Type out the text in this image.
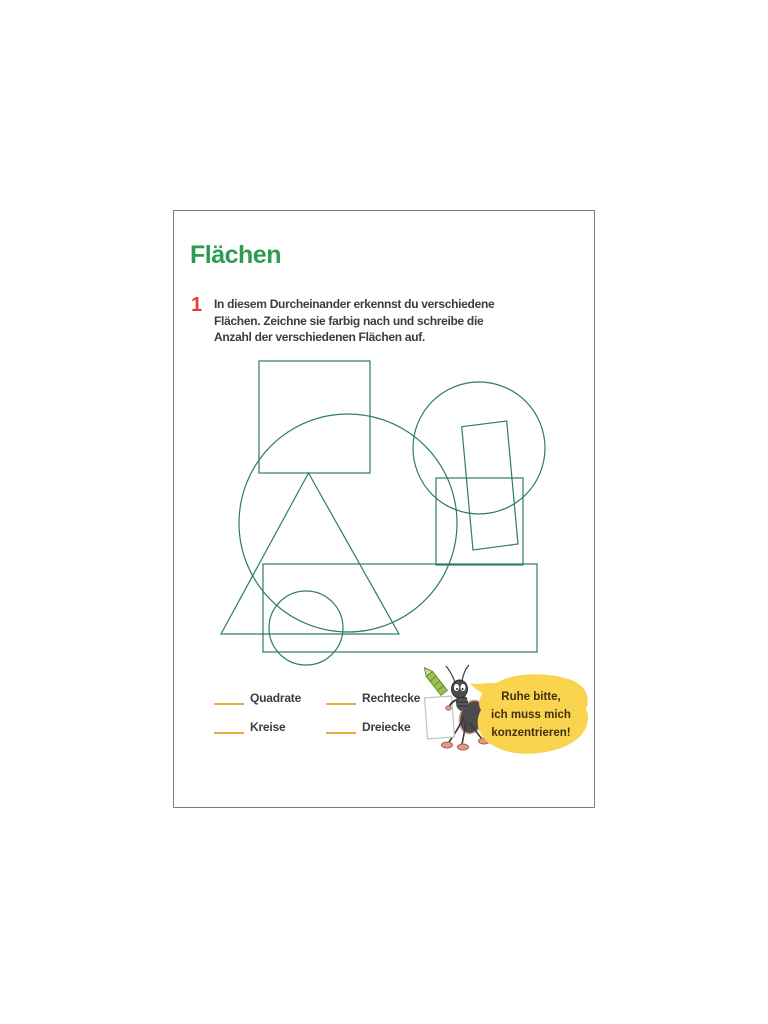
Flächen
1 In diesem Durcheinander erkennst du verschiedene
Flächen. Zeichne sie farbig nach und schreibe die
Anzahl der verschiedenen Flächen auf.
Quadrate	Rechtecke
Kreise	Dreiecke
Ruhe bitte,
ich muss mich
konzentrieren!
